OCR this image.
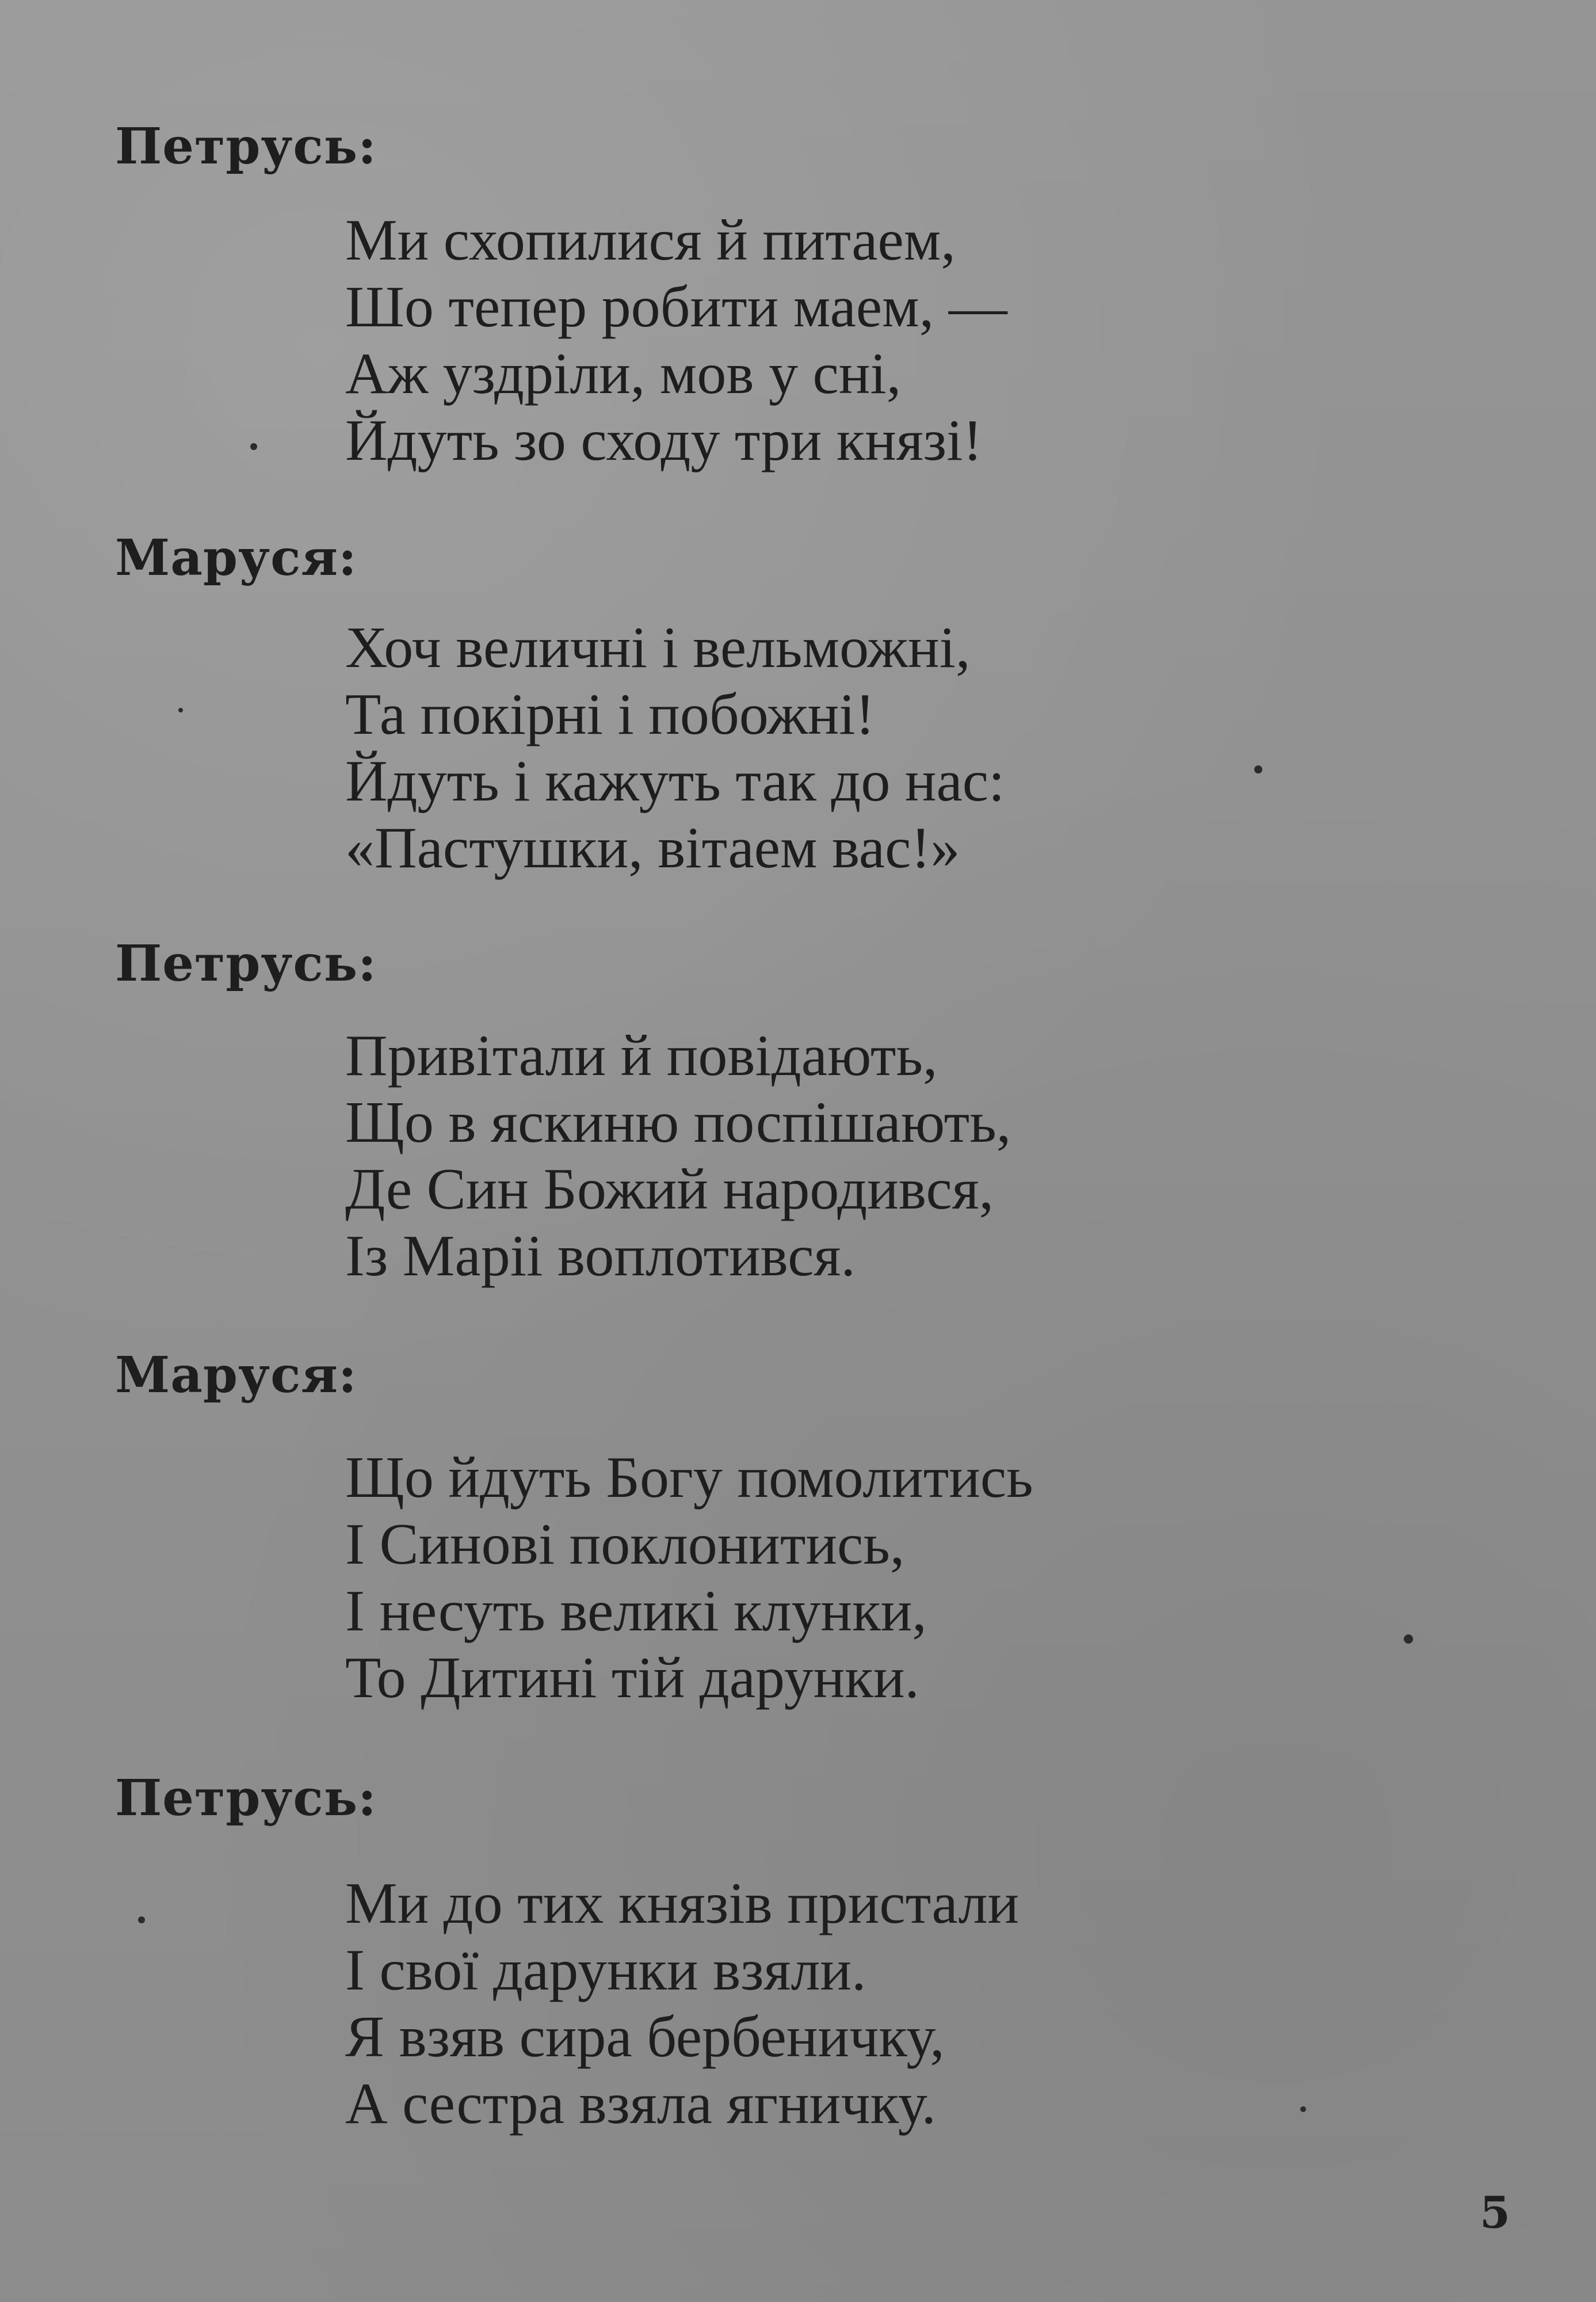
Петрусь:
Ми схопилися й питаем,
Шо тепер робити маем, —
Аж уздріли, мов у сні,
Йдуть зо сходу три князі!
Маруся:
Хоч величні і вельможні,
Та покірні і побожні!
Йдуть і кажуть так до нас:
«Пастушки, вітаем вас!»
Петрусь:
Привітали й повідають,
Що в яскиню поспішають,
Де Син Божий народився,
Із Маріі воплотився.
Маруся:
Що йдуть Богу помолитись
І Синові поклонитись,
І несуть великі клунки,
То Дитині тій дарунки.
Петрусь:
Ми до тих князів пристали
І свої дарунки взяли.
Я взяв сира бербеничку,
А сестра взяла ягничку.
5
